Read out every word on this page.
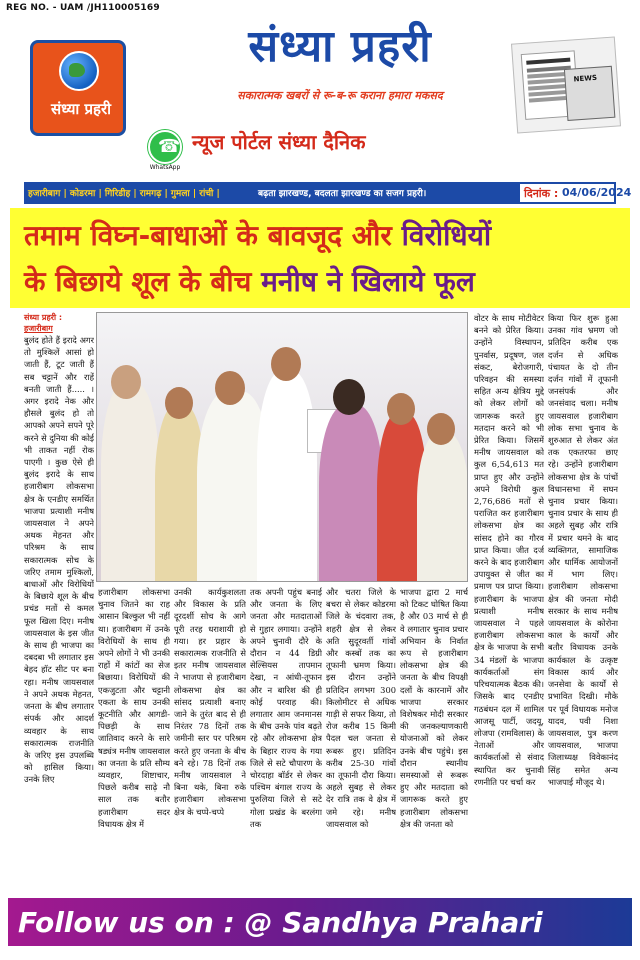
REG NO. - UAM /JH110005169
संध्या प्रहरी
संध्या प्रहरी
सकारात्मक खबरों से रू-ब-रू कराना हमारा मकसद
☎
WhatsApp
न्यूज पोर्टल संध्या दैनिक
NEWS
हजारीबाग | कोडरमा | गिरिडीह | रामगढ़ | गुमला | रांची |	बढ़ता झारखण्ड, बदलता झारखण्ड का सजग प्रहरी।	दिनांक : 04/06/2024
तमाम विघ्न-बाधाओं के बावजूद और विरोधियों
के बिछाये शूल के बीच मनीष ने खिलाये फूल
संध्या प्रहरी :
हजारीबाग
बुलंद होते हैं इरादे अगर तो मुश्किलें आसां हो जाती हैं, टूट जाती हैं सब चट्टानें और राहें बनती जाती हैं..... । अगर इरादे नेक और हौसले बुलंद हो तो आपको अपने सपने पूरे करने से दुनिया की कोई भी ताकत नहीं रोक पाएगी । कुछ ऐसे ही बुलंद इरादे के साथ हजारीबाग लोकसभा क्षेत्र के एनडीए समर्थित भाजपा प्रत्याशी मनीष जायसवाल ने अपने अथक मेहनत और परिश्रम के साथ सकारात्मक सोच के जरिए तमाम मुश्किलों, बाधाओं और विरोधियों के बिछाये शूल के बीच प्रचंड मतों से कमल फूल खिला दिए। मनीष जायसवाल के इस जीत के साथ ही भाजपा का दबदबा भी लगातार इस बेहद हॉट सीट पर बना रहा। मनीष जायसवाल ने अपने अथक मेहनत, जनता के बीच लगातार संपर्क और आदर्श व्यवहार के साथ सकारात्मक राजनीति के जरिए इस उपलब्धि को हासिल किया। उनके लिए
हजारीबाग लोकसभा चुनाव जितने का राह आसान बिल्कुल भी नहीं था। हजारीबाग में उनके विरोधियों के साथ ही अपने लोगों ने भी उनकी राहों में कांटों का सेज बिछाया। विरोधियों की एकजुटता और चट्टानी एकता के साथ उनकी कूटनीति और आगडी-पिछड़ी के साथ जातिवाद करने के सारे षड्यंत्र मनीष जायसवाल का जनता के प्रति सौम्य व्यवहार, शिष्टाचार, पिछले करीब साढ़े नौ साल तक बतौर हजारीबाग सदर विधायक क्षेत्र में
उनकी कार्यकुशलता और विकास के प्रति दूरदर्शी सोच के आगे पूरी तरह धराशायी हो गया। हर प्रहार के सकारात्मक राजनीति से इतर मनीष जायसवाल ने भाजपा से हजारीबाग लोकसभा क्षेत्र का सांसद प्रत्याशी बनाए जाने के तुरंत बाद से ही निरंतर 78 दिनों तक जमीनी स्तर पर परिश्रम करते हुए जनता के बीच बने रहे। 78 दिनों तक मनीष जायसवाल ने बिना थके, बिना रुके हजारीबाग लोकसभा क्षेत्र के चप्पे-चप्पे
तक अपनी पहुंच बनाई और जनता के लिए जनता और मतदाताओं से गुहार लगाया। उन्होंने अपने चुनावी दौरे के दौरान न 44 डिग्री सेल्सियस तापमान देखा, न आंधी-तूफान और न बारिश की ही कोई परवाह की। लगातार आम जनमानस के बीच उनके पांव बढ़ते रहे और लोकसभा क्षेत्र के बिहार राज्य के गया जिले से सटे चौपारण के चोरदाहा बॉर्डर से लेकर पश्चिम बंगाल राज्य के पुरुलिया जिले से सटे गोला प्रखंड के बरलंगा तक
और चतरा जिले के बचरा से लेकर कोडरमा जिले के चंदवारा तक, शहरी क्षेत्र से लेकर अति सुदूरवर्ती गांवों और कस्बों तक का तूफानी भ्रमण किया। इस दौरान उन्होंने प्रतिदिन लगभग 300 किलोमीटर से अधिक गाड़ी से सफर किया, तो रोज करीब 15 किमी पैदल चल जनता से रूबरू हुए। प्रतिदिन करीब 25-30 गांवों का तूफानी दौरा किया। अहले सुबह से लेकर देर रात्रि तक वे क्षेत्र में जमे रहे। मनीष जायसवाल को
भाजपा द्वारा 2 मार्च को टिकट घोषित किया है और 03 मार्च से ही वे लगातार चुनाव प्रचार अभियान के निर्वात रूप से हजारीबाग लोकसभा क्षेत्र की जनता के बीच विपक्षी दलों के कारनामें और भाजपा सरकार विशेषकर मोदी सरकार की जनकल्याणकारी योजनाओं को लेकर उनके बीच पहुंचे। इस दौरान स्थानीय समस्याओं से रूबरू हुए और मतदाता को जागरूक करते हुए हजारीबाग लोकसभा क्षेत्र की जनता को
वोटर के साथ मोटीवेटर बनने को प्रेरित किया। उन्होंने विस्थापन, पुनर्वास, प्रदूषण, जल संकट, बेरोजगारी, परिवहन की समस्या सहित अन्य क्षेत्रिय मुद्दे को लेकर लोगों को जागरूक करते हुए मतदान करने को भी प्रेरित किया। जिसमें मनीष जायसवाल को कुल 6,54,613 मत प्राप्त हुए और उन्होंने अपने विरोधी कुल 2,76,686 मतों से पराजित कर हजारीबाग लोकसभा क्षेत्र का सांसद होने का गौरव प्राप्त किया। जीत दर्ज करने के बाद हजारीबाग उपायुक्त से जीत का प्रमाण पत्र प्राप्त किया। हजारीबाग के भाजपा प्रत्याशी मनीष जायसवाल ने पहले हजारीबाग लोकसभा क्षेत्र के भाजपा के सभी 34 मंडलों के भाजपा कार्यकर्ताओं संग परिचयात्मक बैठक की। जिसके बाद एनडीए गठबंधन दल में शामिल आजसू पार्टी, जदयू, लोजपा (रामविलास) के नेताओं और कार्यकर्ताओं से संवाद स्थापित कर चुनावी रणनीति पर चर्चा कर
किया फिर शुरू हुआ उनका गांव भ्रमण जो प्रतिदिन करीब एक दर्जन से अधिक पंचायत के दो तीन दर्जन गांवों में तूफानी जनसंपर्क और जनसंवाद चला। मनीष जायसवाल हजारीबाग लोक सभा चुनाव के शुरुआत से लेकर अंत तक एकतरफा छाए रहे। उन्होंने हजारीबाग लोकसभा क्षेत्र के पांचों विधानसभा में सघन चुनाव प्रचार किया। चुनाव प्रचार के साथ ही अहले सुबह और रात्रि में प्रचार थमने के बाद व्यक्तिगत, सामाजिक और धार्मिक आयोजनों में भाग लिए। हजारीबाग लोकसभा क्षेत्र की जनता मोदी सरकार के साथ मनीष जायसवाल के कोरोना काल के कार्यों और बतौर विधायक उनके कार्यकाल के उत्कृष्ट विकास कार्य और जनसेवा के कार्यों से प्रभावित दिखी। मौके पर पूर्व विधायक मनोज यादव, पवी निशा जायसवाल, पुत्र करण जायसवाल, भाजपा जिलाध्यक्ष विवेकानंद सिंह समेत अन्य भाजपाई मौजूद थे।
Follow us on : @ Sandhya Prahari
